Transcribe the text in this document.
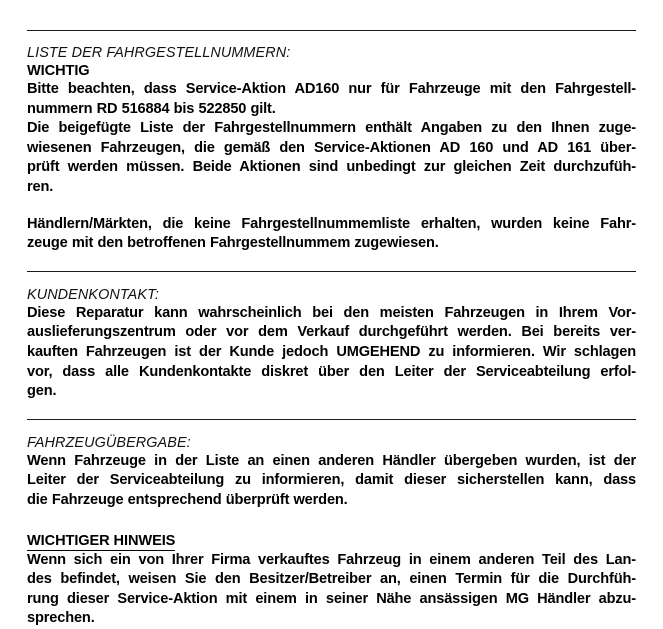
LISTE DER FAHRGESTELLNUMMERN:
WICHTIG

Bitte beachten, dass Service-Aktion AD160 nur für Fahrzeuge mit den Fahrgestell-
nummern RD 516884 bis 522850 gilt.

Die beigefügte Liste der Fahrgestellnummern enthält Angaben zu den Ihnen zuge-
wiesenen Fahrzeugen, die gemäß den Service-Aktionen AD 160 und AD 161 über-
prüft werden müssen. Beide Aktionen sind unbedingt zur gleichen Zeit durchzufüh-
ren.

Händlern/Märkten, die keine Fahrgestellnummemliste erhalten, wurden keine Fahr-
zeuge mit den betroffenen Fahrgestellnummem zugewiesen.

KUNDENKONTAKT:

Diese Reparatur kann wahrscheinlich bei den meisten Fahrzeugen in Ihrem Vor-
auslieferungszentrum oder vor dem Verkauf durchgeführt werden. Bei bereits ver-
kauften Fahrzeugen ist der Kunde jedoch UMGEHEND zu informieren. Wir schlagen
vor, dass alle Kundenkontakte diskret über den Leiter der Serviceabteilung erfol-
gen.

FAHRZEUGÜBERGABE:

Wenn Fahrzeuge in der Liste an einen anderen Händler übergeben wurden, ist der
Leiter der Serviceabteilung zu informieren, damit dieser sicherstellen kann, dass
die Fahrzeuge entsprechend überprüft werden.

WICHTIGER HINWEIS

Wenn sich ein von Ihrer Firma verkauftes Fahrzeug in einem anderen Teil des Lan-
des befindet, weisen Sie den Besitzer/Betreiber an, einen Termin für die Durchfüh-
rung dieser Service-Aktion mit einem in seiner Nähe ansässigen MG Händler abzu-
sprechen.
